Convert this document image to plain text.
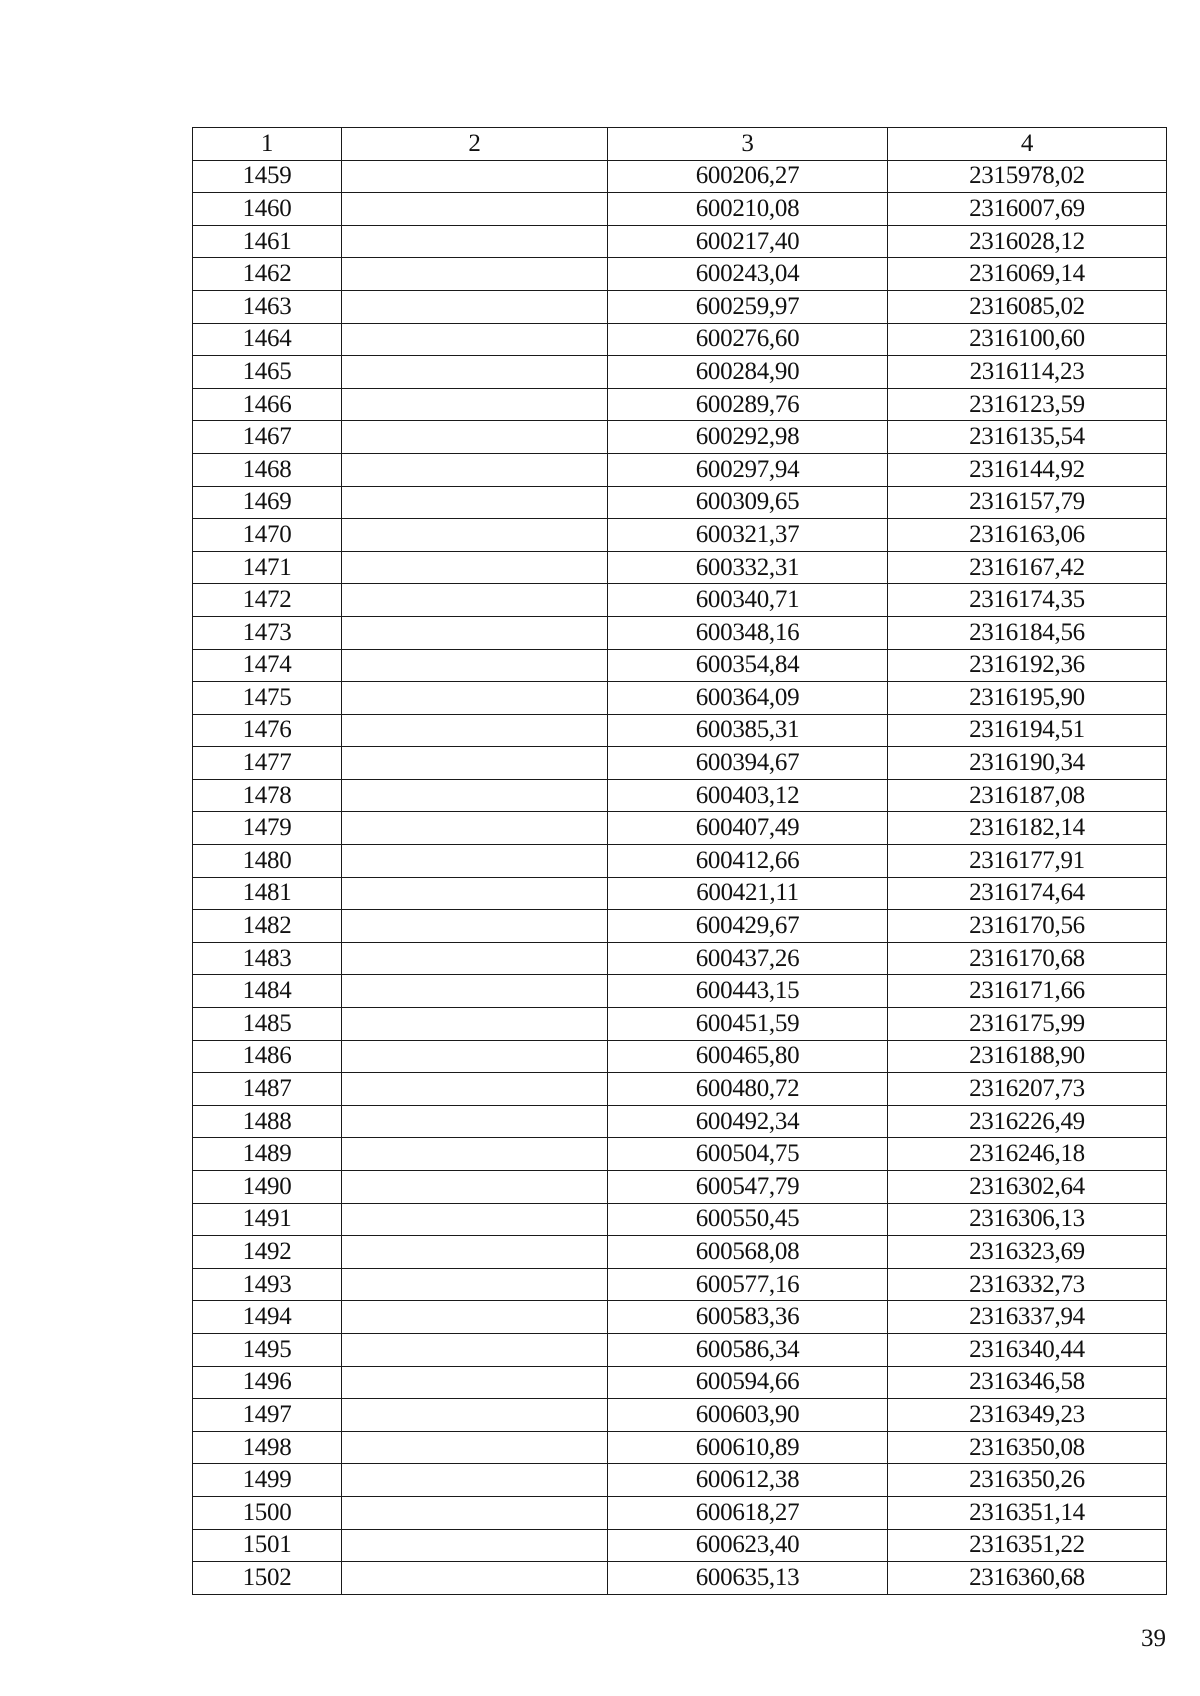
1	2	3	4
1459		600206,27	2315978,02
1460		600210,08	2316007,69
1461		600217,40	2316028,12
1462		600243,04	2316069,14
1463		600259,97	2316085,02
1464		600276,60	2316100,60
1465		600284,90	2316114,23
1466		600289,76	2316123,59
1467		600292,98	2316135,54
1468		600297,94	2316144,92
1469		600309,65	2316157,79
1470		600321,37	2316163,06
1471		600332,31	2316167,42
1472		600340,71	2316174,35
1473		600348,16	2316184,56
1474		600354,84	2316192,36
1475		600364,09	2316195,90
1476		600385,31	2316194,51
1477		600394,67	2316190,34
1478		600403,12	2316187,08
1479		600407,49	2316182,14
1480		600412,66	2316177,91
1481		600421,11	2316174,64
1482		600429,67	2316170,56
1483		600437,26	2316170,68
1484		600443,15	2316171,66
1485		600451,59	2316175,99
1486		600465,80	2316188,90
1487		600480,72	2316207,73
1488		600492,34	2316226,49
1489		600504,75	2316246,18
1490		600547,79	2316302,64
1491		600550,45	2316306,13
1492		600568,08	2316323,69
1493		600577,16	2316332,73
1494		600583,36	2316337,94
1495		600586,34	2316340,44
1496		600594,66	2316346,58
1497		600603,90	2316349,23
1498		600610,89	2316350,08
1499		600612,38	2316350,26
1500		600618,27	2316351,14
1501		600623,40	2316351,22
1502		600635,13	2316360,68
39
